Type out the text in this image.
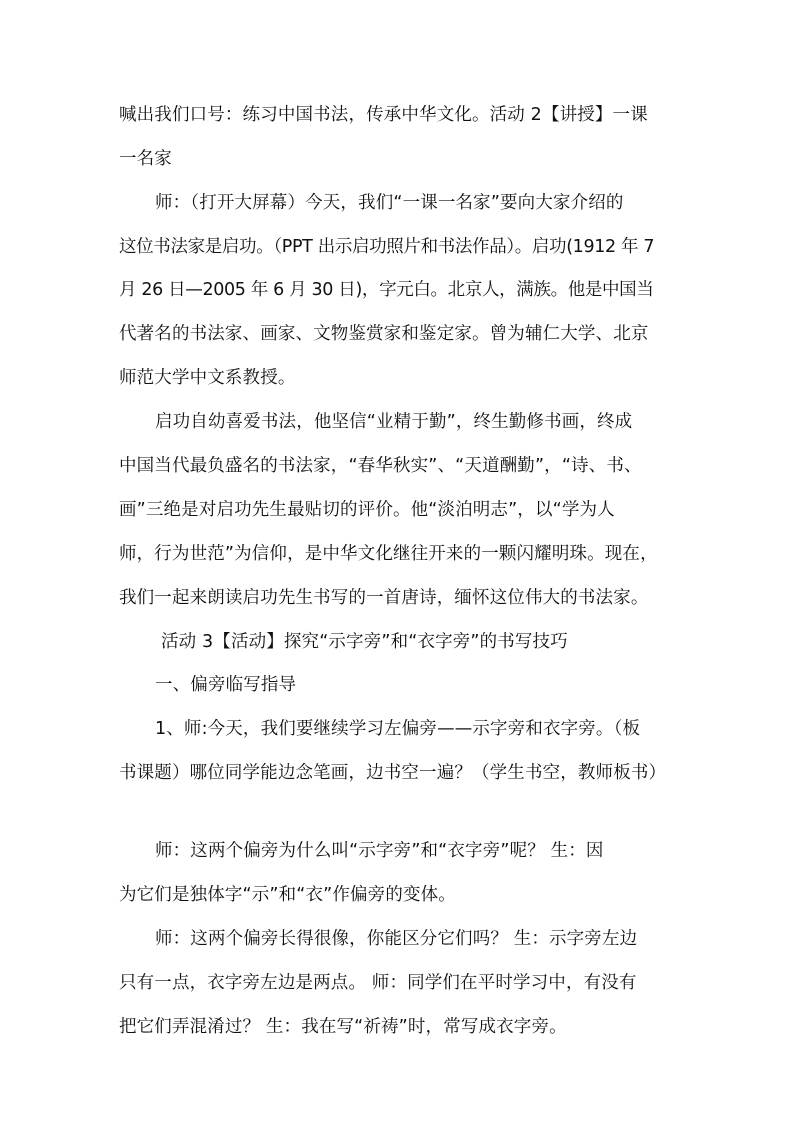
喊出我们口号：练习中国书法，传承中华文化。活动 2【讲授】一课
一名家
师：（打开大屏幕）今天，我们“一课一名家”要向大家介绍的
这位书法家是启功。（PPT 出示启功照片和书法作品）。启功(1912 年 7
月 26 日—2005 年 6 月 30 日)，字元白。北京人，满族。他是中国当
代著名的书法家、画家、文物鉴赏家和鉴定家。曾为辅仁大学、北京
师范大学中文系教授。
启功自幼喜爱书法，他坚信“业精于勤”，终生勤修书画，终成
中国当代最负盛名的书法家，“春华秋实”、“天道酬勤”，“诗、书、
画”三绝是对启功先生最贴切的评价。他“淡泊明志”，以“学为人
师，行为世范”为信仰，是中华文化继往开来的一颗闪耀明珠。现在，
我们一起来朗读启功先生书写的一首唐诗，缅怀这位伟大的书法家。
活动 3【活动】探究“示字旁”和“衣字旁”的书写技巧
一、偏旁临写指导
1、师:今天，我们要继续学习左偏旁——示字旁和衣字旁。（板
书课题）哪位同学能边念笔画，边书空一遍？（学生书空，教师板书）
师：这两个偏旁为什么叫“示字旁”和“衣字旁”呢？ 生：因
为它们是独体字“示”和“衣”作偏旁的变体。
师：这两个偏旁长得很像，你能区分它们吗？ 生：示字旁左边
只有一点，衣字旁左边是两点。 师：同学们在平时学习中，有没有
把它们弄混淆过？ 生：我在写“祈祷”时，常写成衣字旁。
